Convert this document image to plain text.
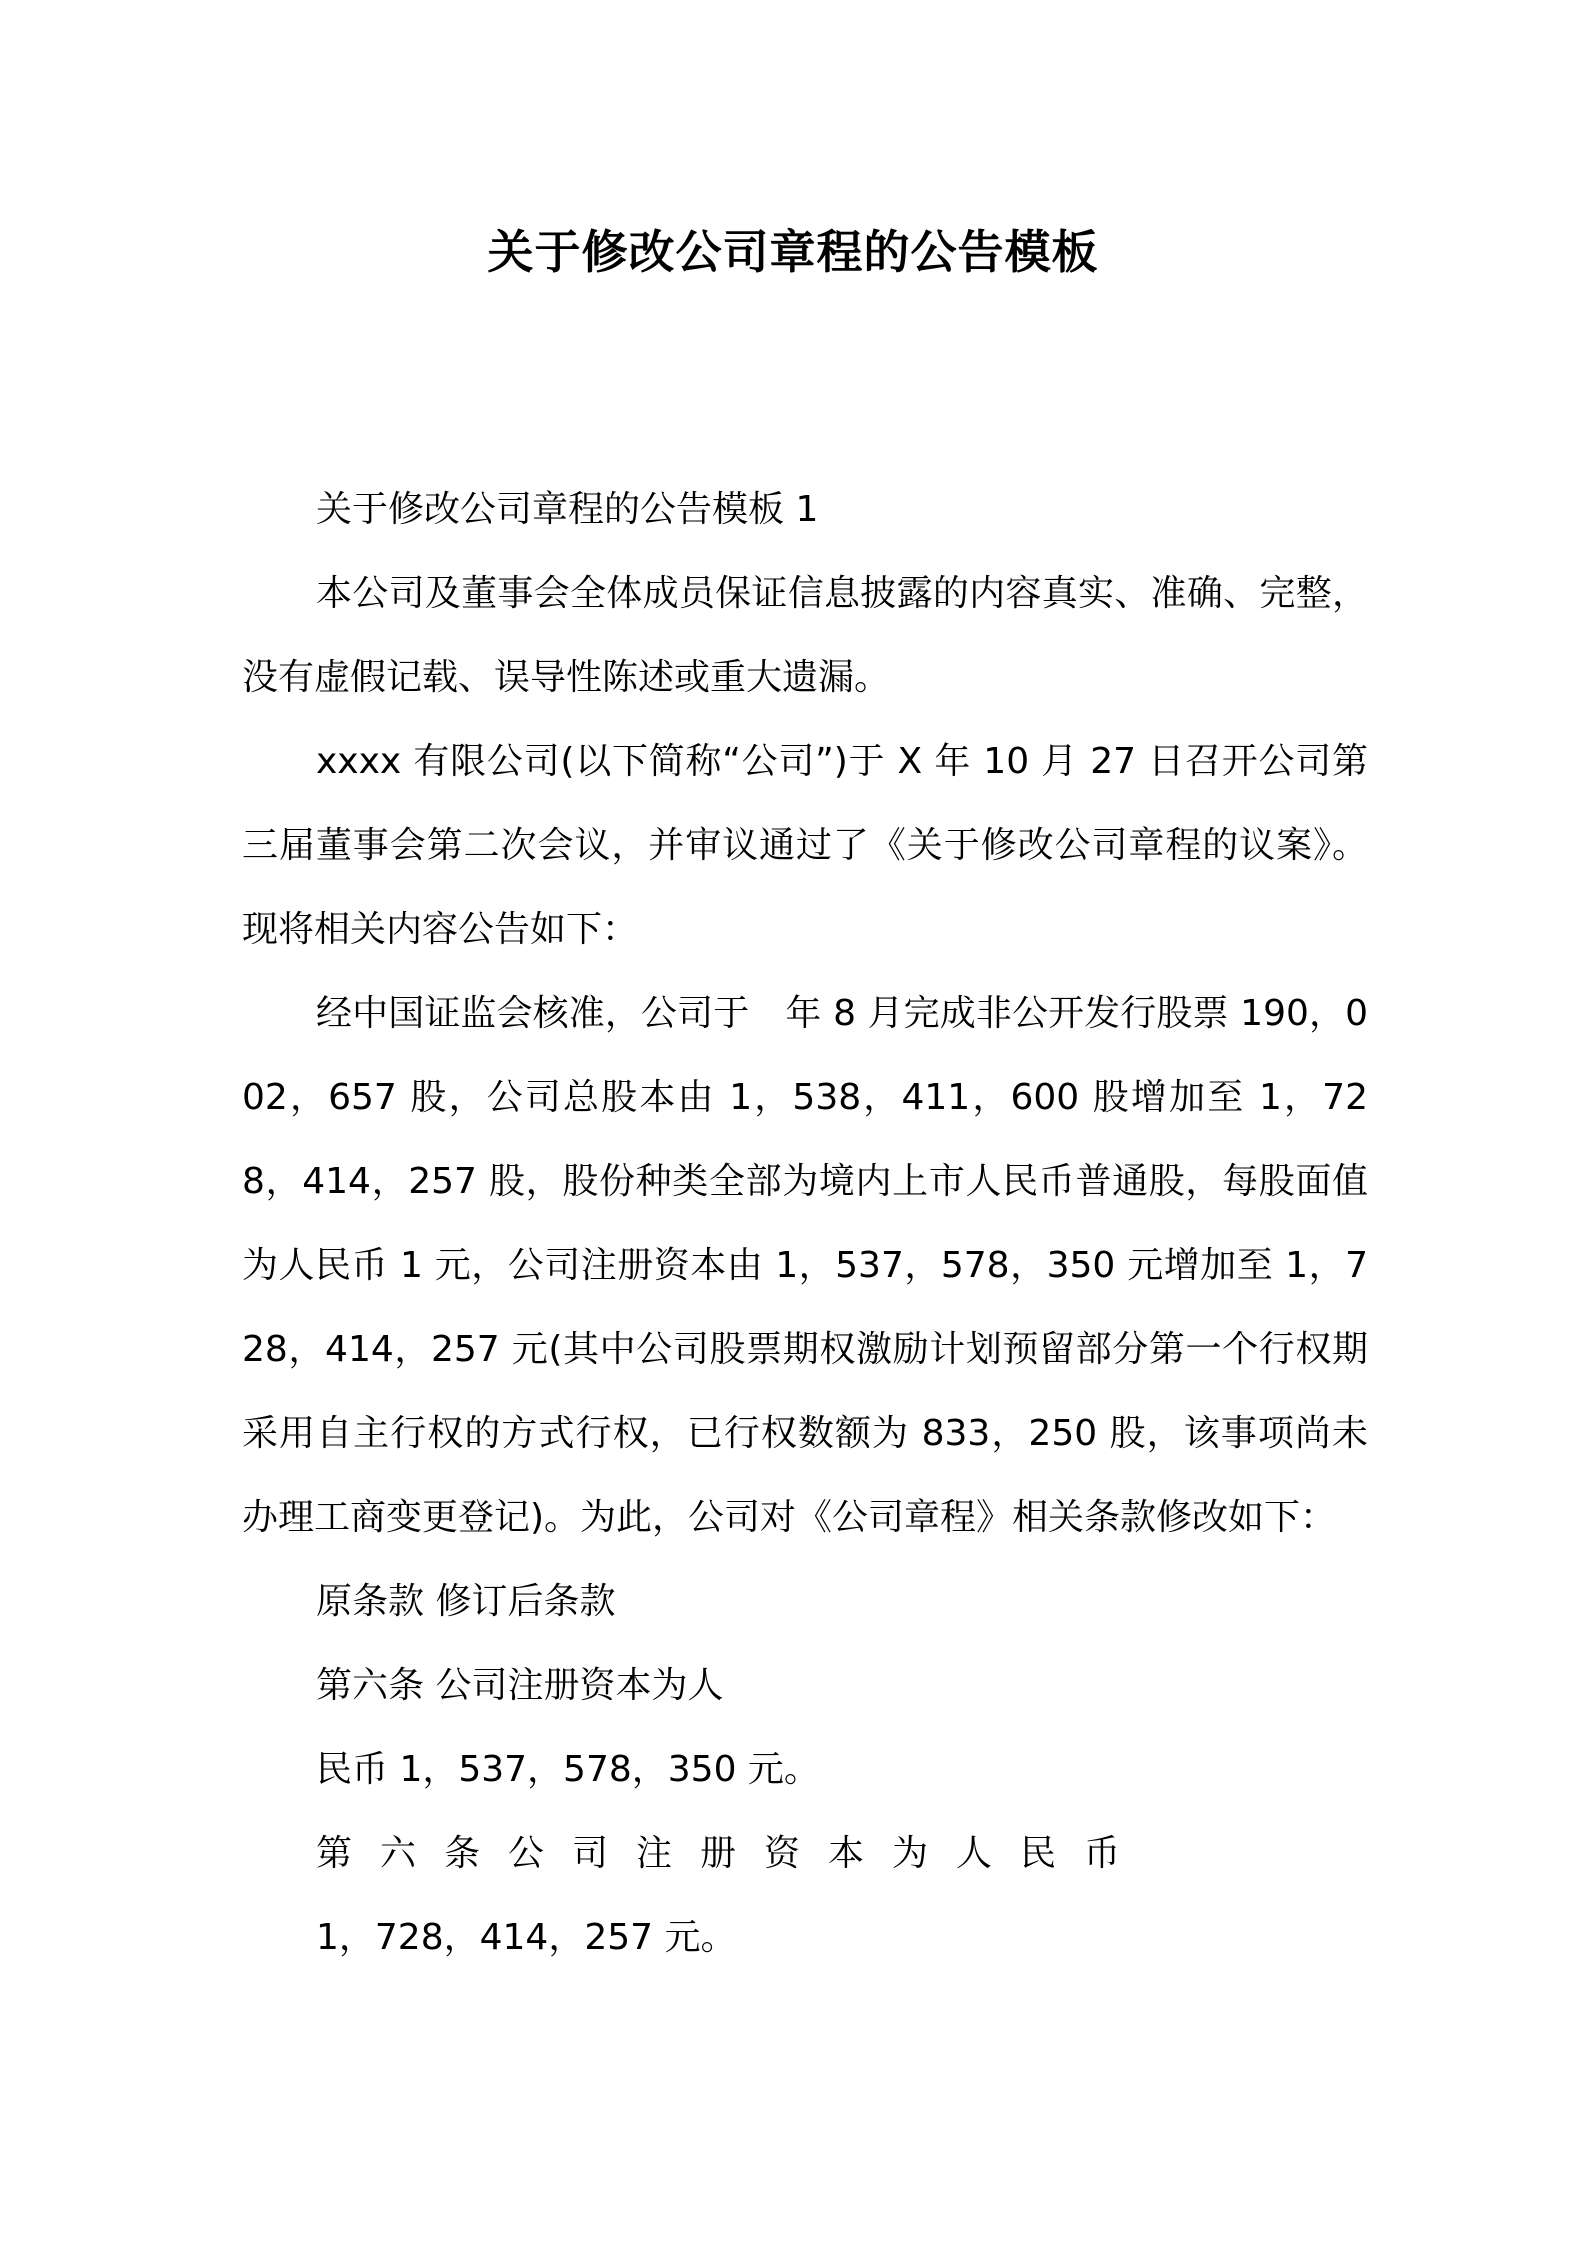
关于修改公司章程的公告模板

关于修改公司章程的公告模板 1

本公司及董事会全体成员保证信息披露的内容真实、准确、完整，没有虚假记载、误导性陈述或重大遗漏。

xxxx 有限公司(以下简称“公司”)于 X 年 10 月 27 日召开公司第三届董事会第二次会议，并审议通过了《关于修改公司章程的议案》。现将相关内容公告如下：

经中国证监会核准，公司于　年 8 月完成非公开发行股票 190，002，657 股，公司总股本由 1，538，411，600 股增加至 1，728，414，257 股，股份种类全部为境内上市人民币普通股，每股面值为人民币 1 元，公司注册资本由 1，537，578，350 元增加至 1，728，414，257 元(其中公司股票期权激励计划预留部分第一个行权期采用自主行权的方式行权，已行权数额为 833，250 股，该事项尚未办理工商变更登记)。为此，公司对《公司章程》相关条款修改如下：

原条款 修订后条款

第六条 公司注册资本为人

民币 1，537，578，350 元。

第六条公司注册资本为人民币

1，728，414，257 元。
